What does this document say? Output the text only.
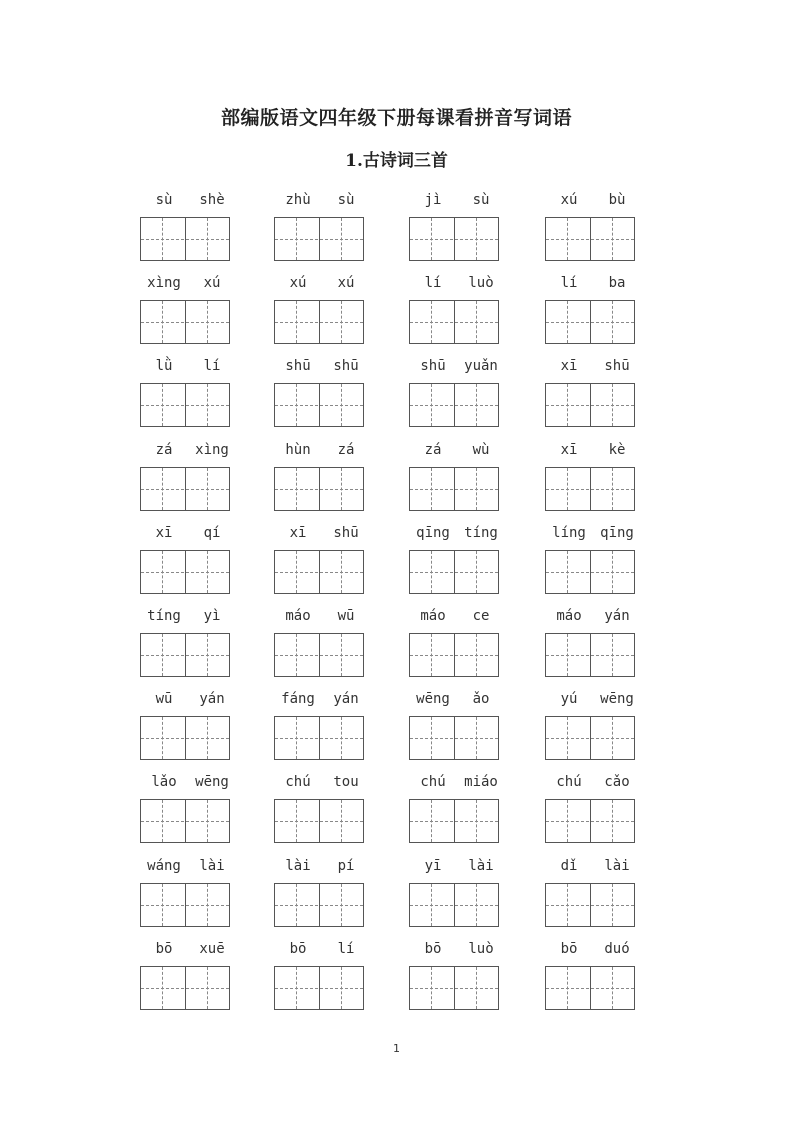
部编版语文四年级下册每课看拼音写词语
1.古诗词三首
sù	shè	zhù	sù	jì	sù	xú	bù
xìng	xú	xú	xú	lí	luò	lí	ba
lǜ	lí	shū	shū	shū	yuǎn	xī	shū
zá	xìng	hùn	zá	zá	wù	xī	kè
xī	qí	xī	shū	qīng	tíng	líng	qīng
tíng	yì	máo	wū	máo	ce	máo	yán
wū	yán	fáng	yán	wēng	ǎo	yú	wēng
lǎo	wēng	chú	tou	chú	miáo	chú	cǎo
wáng	lài	lài	pí	yī	lài	dǐ	lài
bō	xuē	bō	lí	bō	luò	bō	duó
1
